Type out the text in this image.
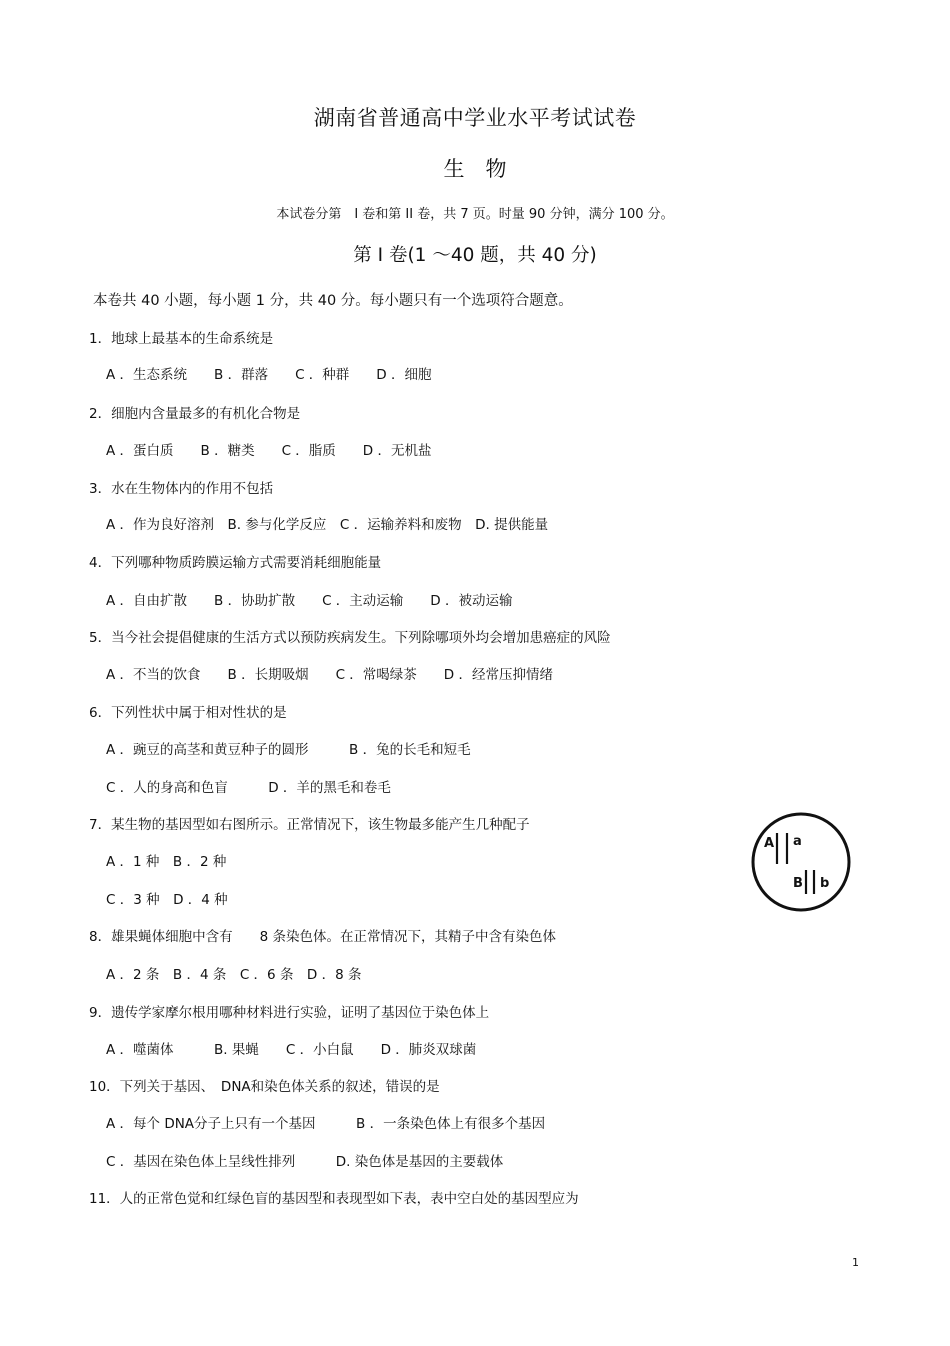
湖南省普通高中学业水平考试试卷
生　物
本试卷分第　I 卷和第 II 卷，共 7 页。时量 90 分钟，满分 100 分。
第 I 卷(1 ～40 题，共 40 分)
本卷共 40 小题，每小题 1 分，共 40 分。每小题只有一个选项符合题意。
1．地球上最基本的生命系统是
A ．生态系统　　B ．群落　　C ．种群　　D ．细胞
2．细胞内含量最多的有机化合物是
A ．蛋白质　　B ．糖类　　C ．脂质　　D ．无机盐
3．水在生物体内的作用不包括
A ．作为良好溶剂　B. 参与化学反应　C ．运输养料和废物　D. 提供能量
4．下列哪种物质跨膜运输方式需要消耗细胞能量
A ．自由扩散　　B ．协助扩散　　C ．主动运输　　D ．被动运输
5．当今社会提倡健康的生活方式以预防疾病发生。下列除哪项外均会增加患癌症的风险
A ．不当的饮食　　B ．长期吸烟　　C ．常喝绿茶　　D ．经常压抑情绪
6．下列性状中属于相对性状的是
A ．豌豆的高茎和黄豆种子的圆形　　　B ．兔的长毛和短毛
C ．人的身高和色盲　　　D ．羊的黑毛和卷毛
7．某生物的基因型如右图所示。正常情况下，该生物最多能产生几种配子
A ．1 种　B ．2 种
C ．3 种　D ．4 种
8．雄果蝇体细胞中含有　　8 条染色体。在正常情况下，其精子中含有染色体
A ．2 条　B ．4 条　C ．6 条　D ．8 条
9．遗传学家摩尔根用哪种材料进行实验，证明了基因位于染色体上
A ．噬菌体　　　B. 果蝇　　C ．小白鼠　　D ．肺炎双球菌
10．下列关于基因、　DNA和染色体关系的叙述，错误的是
A ．每个 DNA分子上只有一个基因　　　B ．一条染色体上有很多个基因
C ．基因在染色体上呈线性排列　　　D. 染色体是基因的主要载体
11．人的正常色觉和红绿色盲的基因型和表现型如下表，表中空白处的基因型应为
A a
B b
1
